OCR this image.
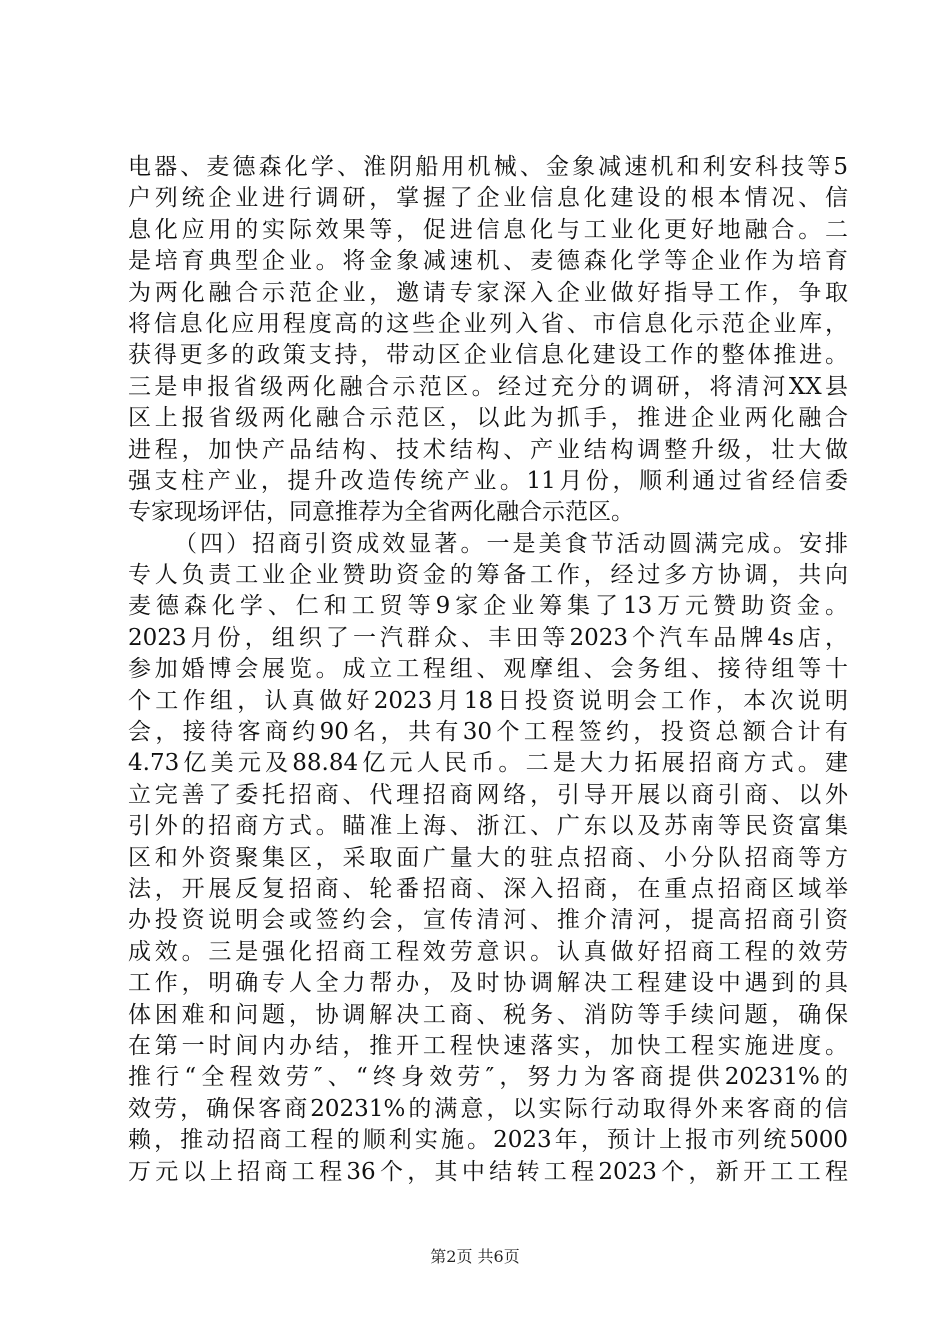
电器、麦德森化学、淮阴船用机械、金象减速机和利安科技等5
户列统企业进行调研，掌握了企业信息化建设的根本情况、信
息化应用的实际效果等，促进信息化与工业化更好地融合。二
是培育典型企业。将金象减速机、麦德森化学等企业作为培育
为两化融合示范企业，邀请专家深入企业做好指导工作，争取
将信息化应用程度高的这些企业列入省、市信息化示范企业库，
获得更多的政策支持，带动区企业信息化建设工作的整体推进。
三是申报省级两化融合示范区。经过充分的调研，将清河XX县
区上报省级两化融合示范区，以此为抓手，推进企业两化融合
进程，加快产品结构、技术结构、产业结构调整升级，壮大做
强支柱产业，提升改造传统产业。11月份，顺利通过省经信委
专家现场评估，同意推荐为全省两化融合示范区。
（四）招商引资成效显著。一是美食节活动圆满完成。安排
专人负责工业企业赞助资金的筹备工作，经过多方协调，共向
麦德森化学、仁和工贸等9家企业筹集了13万元赞助资金。
2023月份，组织了一汽群众、丰田等2023个汽车品牌4s店，
参加婚博会展览。成立工程组、观摩组、会务组、接待组等十
个工作组，认真做好2023月18日投资说明会工作，本次说明
会，接待客商约90名，共有30个工程签约，投资总额合计有
4.73亿美元及88.84亿元人民币。二是大力拓展招商方式。建
立完善了委托招商、代理招商网络，引导开展以商引商、以外
引外的招商方式。瞄准上海、浙江、广东以及苏南等民资富集
区和外资聚集区，采取面广量大的驻点招商、小分队招商等方
法，开展反复招商、轮番招商、深入招商，在重点招商区域举
办投资说明会或签约会，宣传清河、推介清河，提高招商引资
成效。三是强化招商工程效劳意识。认真做好招商工程的效劳
工作，明确专人全力帮办，及时协调解决工程建设中遇到的具
体困难和问题，协调解决工商、税务、消防等手续问题，确保
在第一时间内办结，推开工程快速落实，加快工程实施进度。
推行“全程效劳″、“终身效劳″，努力为客商提供20231%的
效劳，确保客商20231%的满意，以实际行动取得外来客商的信
赖，推动招商工程的顺利实施。2023年，预计上报市列统5000
万元以上招商工程36个，其中结转工程2023个，新开工工程
第2页 共6页
